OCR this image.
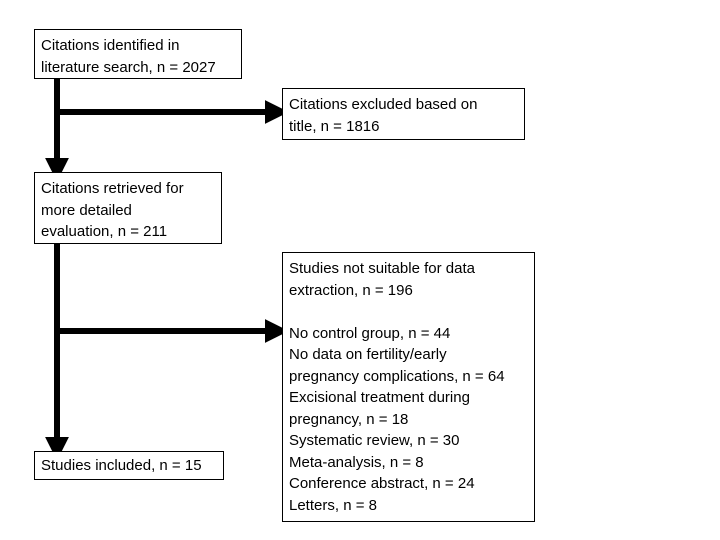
Citations identified in
literature search, n = 2027
Citations excluded based on
title, n = 1816
Citations retrieved for
more detailed
evaluation, n = 211
Studies not suitable for data
extraction, n = 196
No control group, n = 44
No data on fertility/early
pregnancy complications, n = 64
Excisional treatment during
pregnancy, n = 18
Systematic review, n = 30
Meta-analysis, n = 8
Conference abstract, n = 24
Letters, n = 8
Studies included, n = 15
